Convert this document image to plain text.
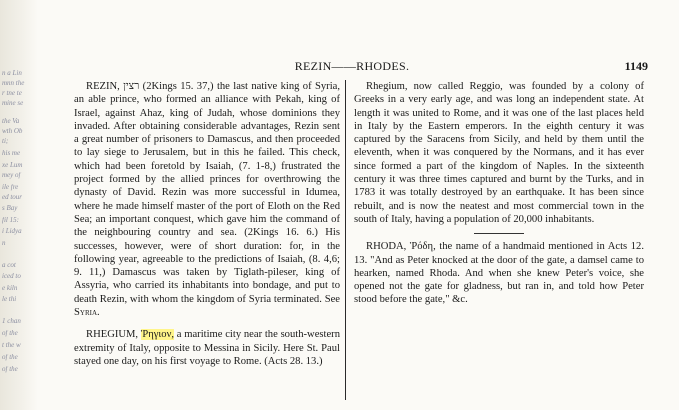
n a Lin
mnn the
r tne te
mine se
the Va
wth Ob
ti;
his me
xe Lum
mey of
ile fre
ed tour
s Bay
fil 15:
i Lidya
n
a cot
iced to
e kiln
le thi
1 chan
of the
t the w
of the
of the
REZIN——RHODES.	1149

REZIN, רצין (2Kings 15. 37,) the last native king of Syria, an able prince, who formed an alliance with Pekah, king of Israel, against Ahaz, king of Judah, whose dominions they invaded. After obtaining considerable advantages, Rezin sent a great number of prisoners to Damascus, and then proceeded to lay siege to Jerusalem, but in this he failed. This check, which had been foretold by Isaiah, (7. 1-8,) frustrated the project formed by the allied princes for overthrowing the dynasty of David. Rezin was more successful in Idumea, where he made himself master of the port of Eloth on the Red Sea; an important conquest, which gave him the command of the neighbouring country and sea. (2Kings 16. 6.) His successes, however, were of short duration: for, in the following year, agreeable to the predictions of Isaiah, (8. 4,6; 9. 11,) Damascus was taken by Tiglath-pileser, king of Assyria, who carried its inhabitants into bondage, and put to death Rezin, with whom the kingdom of Syria terminated. See Syria.

RHEGIUM, Ῥηγιον, a maritime city near the south-western extremity of Italy, opposite to Messina in Sicily. Here St. Paul stayed one day, on his first voyage to Rome. (Acts 28. 13.)

Rhegium, now called Reggio, was founded by a colony of Greeks in a very early age, and was long an independent state. At length it was united to Rome, and it was one of the last places held in Italy by the Eastern emperors. In the eighth century it was captured by the Saracens from Sicily, and held by them until the eleventh, when it was conquered by the Normans, and it has ever since formed a part of the kingdom of Naples. In the sixteenth century it was three times captured and burnt by the Turks, and in 1783 it was totally destroyed by an earthquake. It has been since rebuilt, and is now the neatest and most commercial town in the south of Italy, having a population of 20,000 inhabitants.

RHODA, Ῥόδη, the name of a handmaid mentioned in Acts 12. 13. "And as Peter knocked at the door of the gate, a damsel came to hearken, named Rhoda. And when she knew Peter's voice, she opened not the gate for gladness, but ran in, and told how Peter stood before the gate," &c.
